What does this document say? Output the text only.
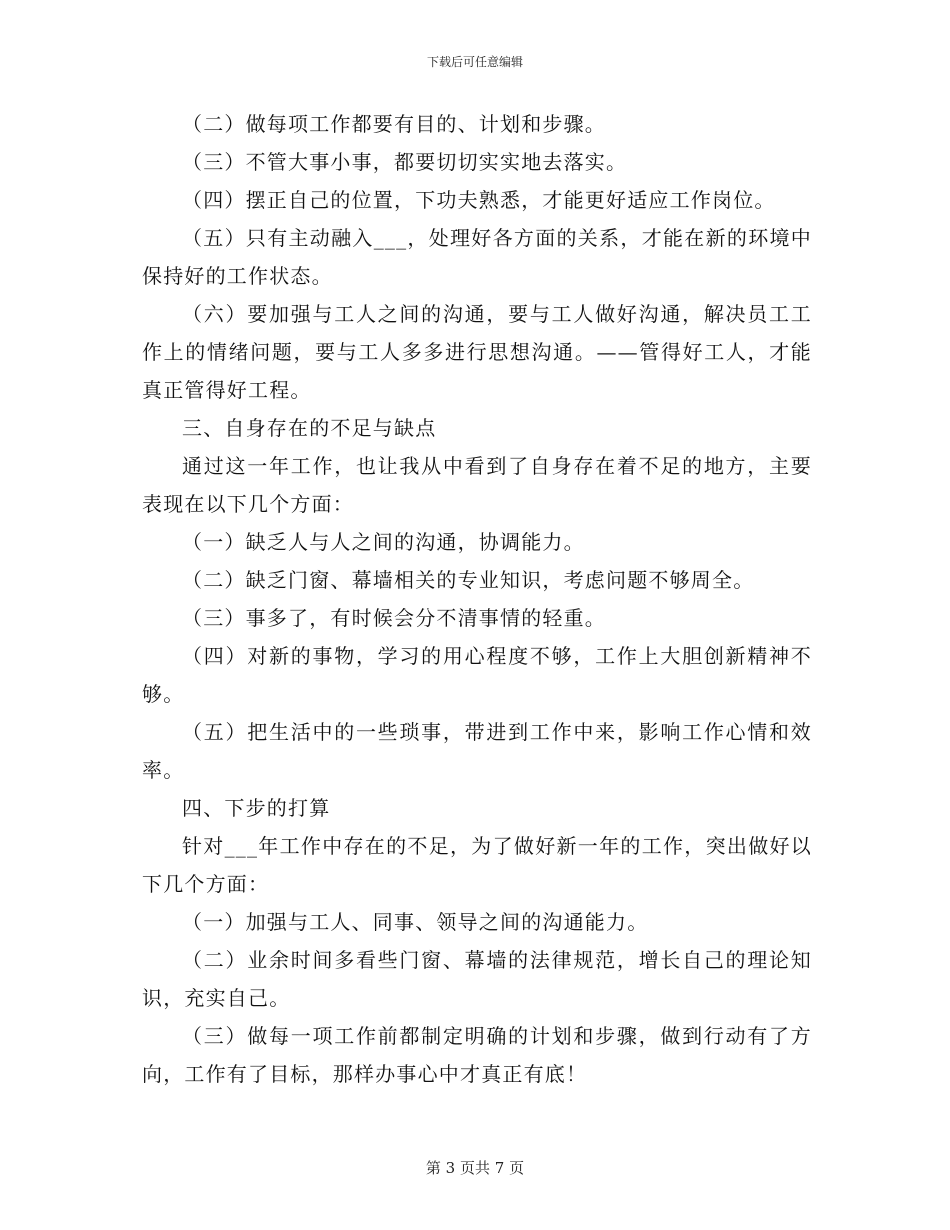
下载后可任意编辑

（二）做每项工作都要有目的、计划和步骤。

（三）不管大事小事，都要切切实实地去落实。

（四）摆正自己的位置，下功夫熟悉，才能更好适应工作岗位。

（五）只有主动融入___，处理好各方面的关系，才能在新的环境中保持好的工作状态。

（六）要加强与工人之间的沟通，要与工人做好沟通，解决员工工作上的情绪问题，要与工人多多进行思想沟通。——管得好工人，才能真正管得好工程。

三、自身存在的不足与缺点

通过这一年工作，也让我从中看到了自身存在着不足的地方，主要表现在以下几个方面：

（一）缺乏人与人之间的沟通，协调能力。

（二）缺乏门窗、幕墙相关的专业知识，考虑问题不够周全。

（三）事多了，有时候会分不清事情的轻重。

（四）对新的事物，学习的用心程度不够，工作上大胆创新精神不够。

（五）把生活中的一些琐事，带进到工作中来，影响工作心情和效率。

四、下步的打算

针对___年工作中存在的不足，为了做好新一年的工作，突出做好以下几个方面：

（一）加强与工人、同事、领导之间的沟通能力。

（二）业余时间多看些门窗、幕墙的法律规范，增长自己的理论知识，充实自己。

（三）做每一项工作前都制定明确的计划和步骤，做到行动有了方向，工作有了目标，那样办事心中才真正有底！

第 3 页共 7 页
